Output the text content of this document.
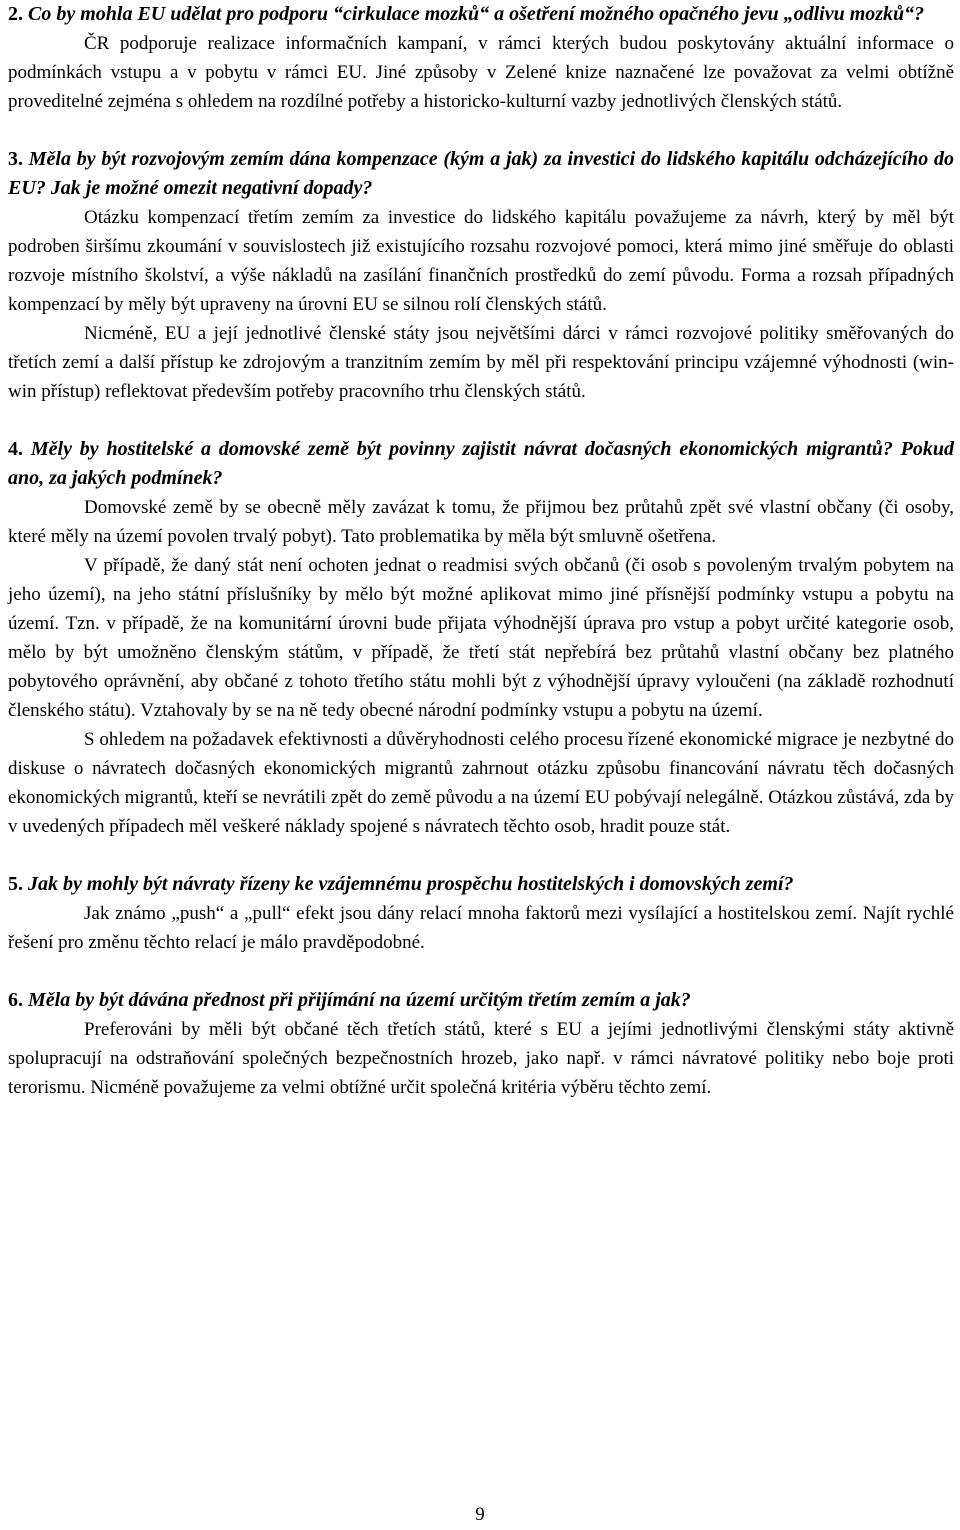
2. Co by mohla EU udělat pro podporu “cirkulace mozků“ a ošetření možného opačného jevu „odlivu mozků“?

ČR podporuje realizace informačních kampaní, v rámci kterých budou poskytovány aktuální informace o podmínkách vstupu a v pobytu v rámci EU. Jiné způsoby v Zelené knize naznačené lze považovat za velmi obtížně proveditelné zejména s ohledem na rozdílné potřeby a historicko-kulturní vazby jednotlivých členských států.

3. Měla by být rozvojovým zemím dána kompenzace (kým a jak) za investici do lidského kapitálu odcházejícího do EU? Jak je možné omezit negativní dopady?

Otázku kompenzací třetím zemím za investice do lidského kapitálu považujeme za návrh, který by měl být podroben širšímu zkoumání v souvislostech již existujícího rozsahu rozvojové pomoci, která mimo jiné směřuje do oblasti rozvoje místního školství, a výše nákladů na zasílání finančních prostředků do zemí původu. Forma a rozsah případných kompenzací by měly být upraveny na úrovni EU se silnou rolí členských států.

Nicméně, EU a její jednotlivé členské státy jsou největšími dárci v rámci rozvojové politiky směřovaných do třetích zemí a další přístup ke zdrojovým a tranzitním zemím by měl při respektování principu vzájemné výhodnosti (win-win přístup) reflektovat především potřeby pracovního trhu členských států.

4. Měly by hostitelské a domovské země být povinny zajistit návrat dočasných ekonomických migrantů? Pokud ano, za jakých podmínek?

Domovské země by se obecně měly zavázat k tomu, že přijmou bez průtahů zpět své vlastní občany (či osoby, které měly na území povolen trvalý pobyt). Tato problematika by měla být smluvně ošetřena.

V případě, že daný stát není ochoten jednat o readmisi svých občanů (či osob s povoleným trvalým pobytem na jeho území), na jeho státní příslušníky by mělo být možné aplikovat mimo jiné přísnější podmínky vstupu a pobytu na území. Tzn. v případě, že na komunitární úrovni bude přijata výhodnější úprava pro vstup a pobyt určité kategorie osob, mělo by být umožněno členským státům, v případě, že třetí stát nepřebírá bez průtahů vlastní občany bez platného pobytového oprávnění, aby občané z tohoto třetího státu mohli být z výhodnější úpravy vyloučeni (na základě rozhodnutí členského státu). Vztahovaly by se na ně tedy obecné národní podmínky vstupu a pobytu na území.

S ohledem na požadavek efektivnosti a důvěryhodnosti celého procesu řízené ekonomické migrace je nezbytné do diskuse o návratech dočasných ekonomických migrantů zahrnout otázku způsobu financování návratu těch dočasných ekonomických migrantů, kteří se nevrátili zpět do země původu a na území EU pobývají nelegálně. Otázkou zůstává, zda by v uvedených případech měl veškeré náklady spojené s návratech těchto osob, hradit pouze stát.

5. Jak by mohly být návraty řízeny ke vzájemnému prospěchu hostitelských i domovských zemí?

Jak známo „push“ a „pull“ efekt jsou dány relací mnoha faktorů mezi vysílající a hostitelskou zemí. Najít rychlé řešení pro změnu těchto relací je málo pravděpodobné.

6. Měla by být dávána přednost při přijímání na území určitým třetím zemím a jak?

Preferováni by měli být občané těch třetích států, které s EU a jejími jednotlivými členskými státy aktivně spolupracují na odstraňování společných bezpečnostních hrozeb, jako např. v rámci návratové politiky nebo boje proti terorismu. Nicméně považujeme za velmi obtížné určit společná kritéria výběru těchto zemí.

9
